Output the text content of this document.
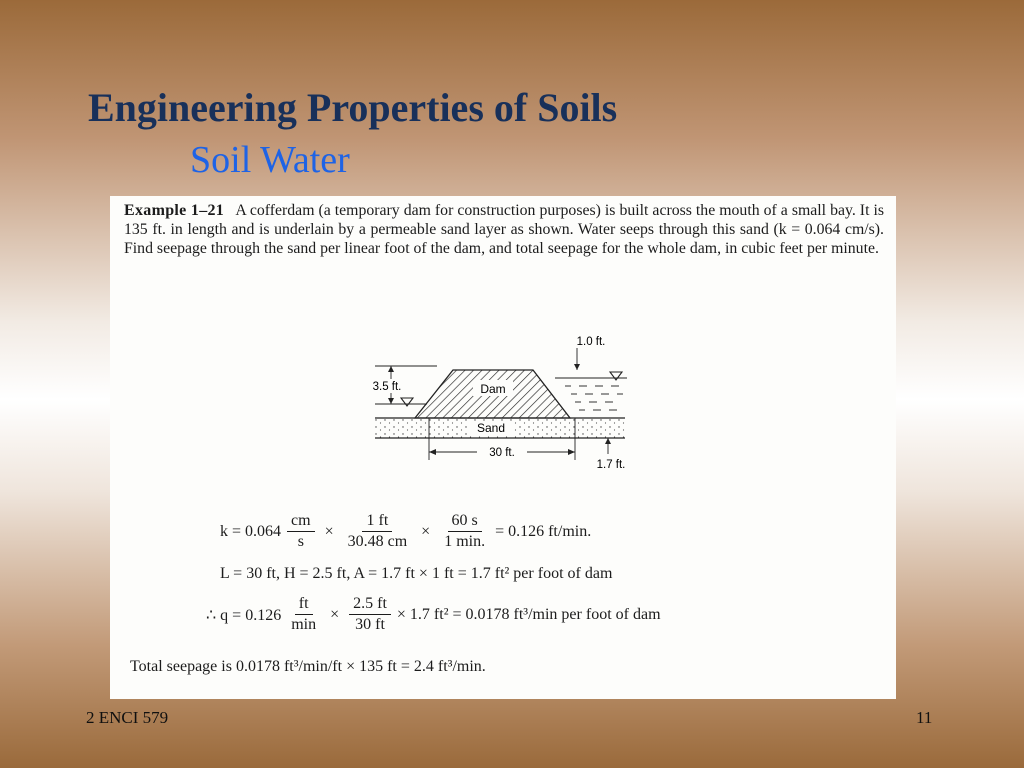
Engineering Properties of Soils
Soil Water
Example 1–21 A cofferdam (a temporary dam for construction purposes) is built across the mouth of a small bay. It is 135 ft. in length and is underlain by a permeable sand layer as shown. Water seeps through this sand (k = 0.064 cm/s). Find seepage through the sand per linear foot of the dam, and total seepage for the whole dam, in cubic feet per minute.
Dam
Sand
3.5 ft.
1.0 ft.
30 ft.
1.7 ft.
$k = 0.064 \frac{cm}{s} \times \frac{1 ft}{30.48 cm} \times \frac{60 s}{1 \min.} = 0.126$ ft/min.
L = 30 ft, H = 2.5 ft, A = 1.7 ft × 1 ft = 1.7 ft² per foot of dam
∴ $q = 0.126 \frac{ft}{\min} \times \frac{2.5 ft}{30 ft} \times 1.7$ ft² = 0.0178 ft³/min per foot of dam
Total seepage is 0.0178 ft³/min/ft × 135 ft = 2.4 ft³/min.
2 ENCI 579	11
